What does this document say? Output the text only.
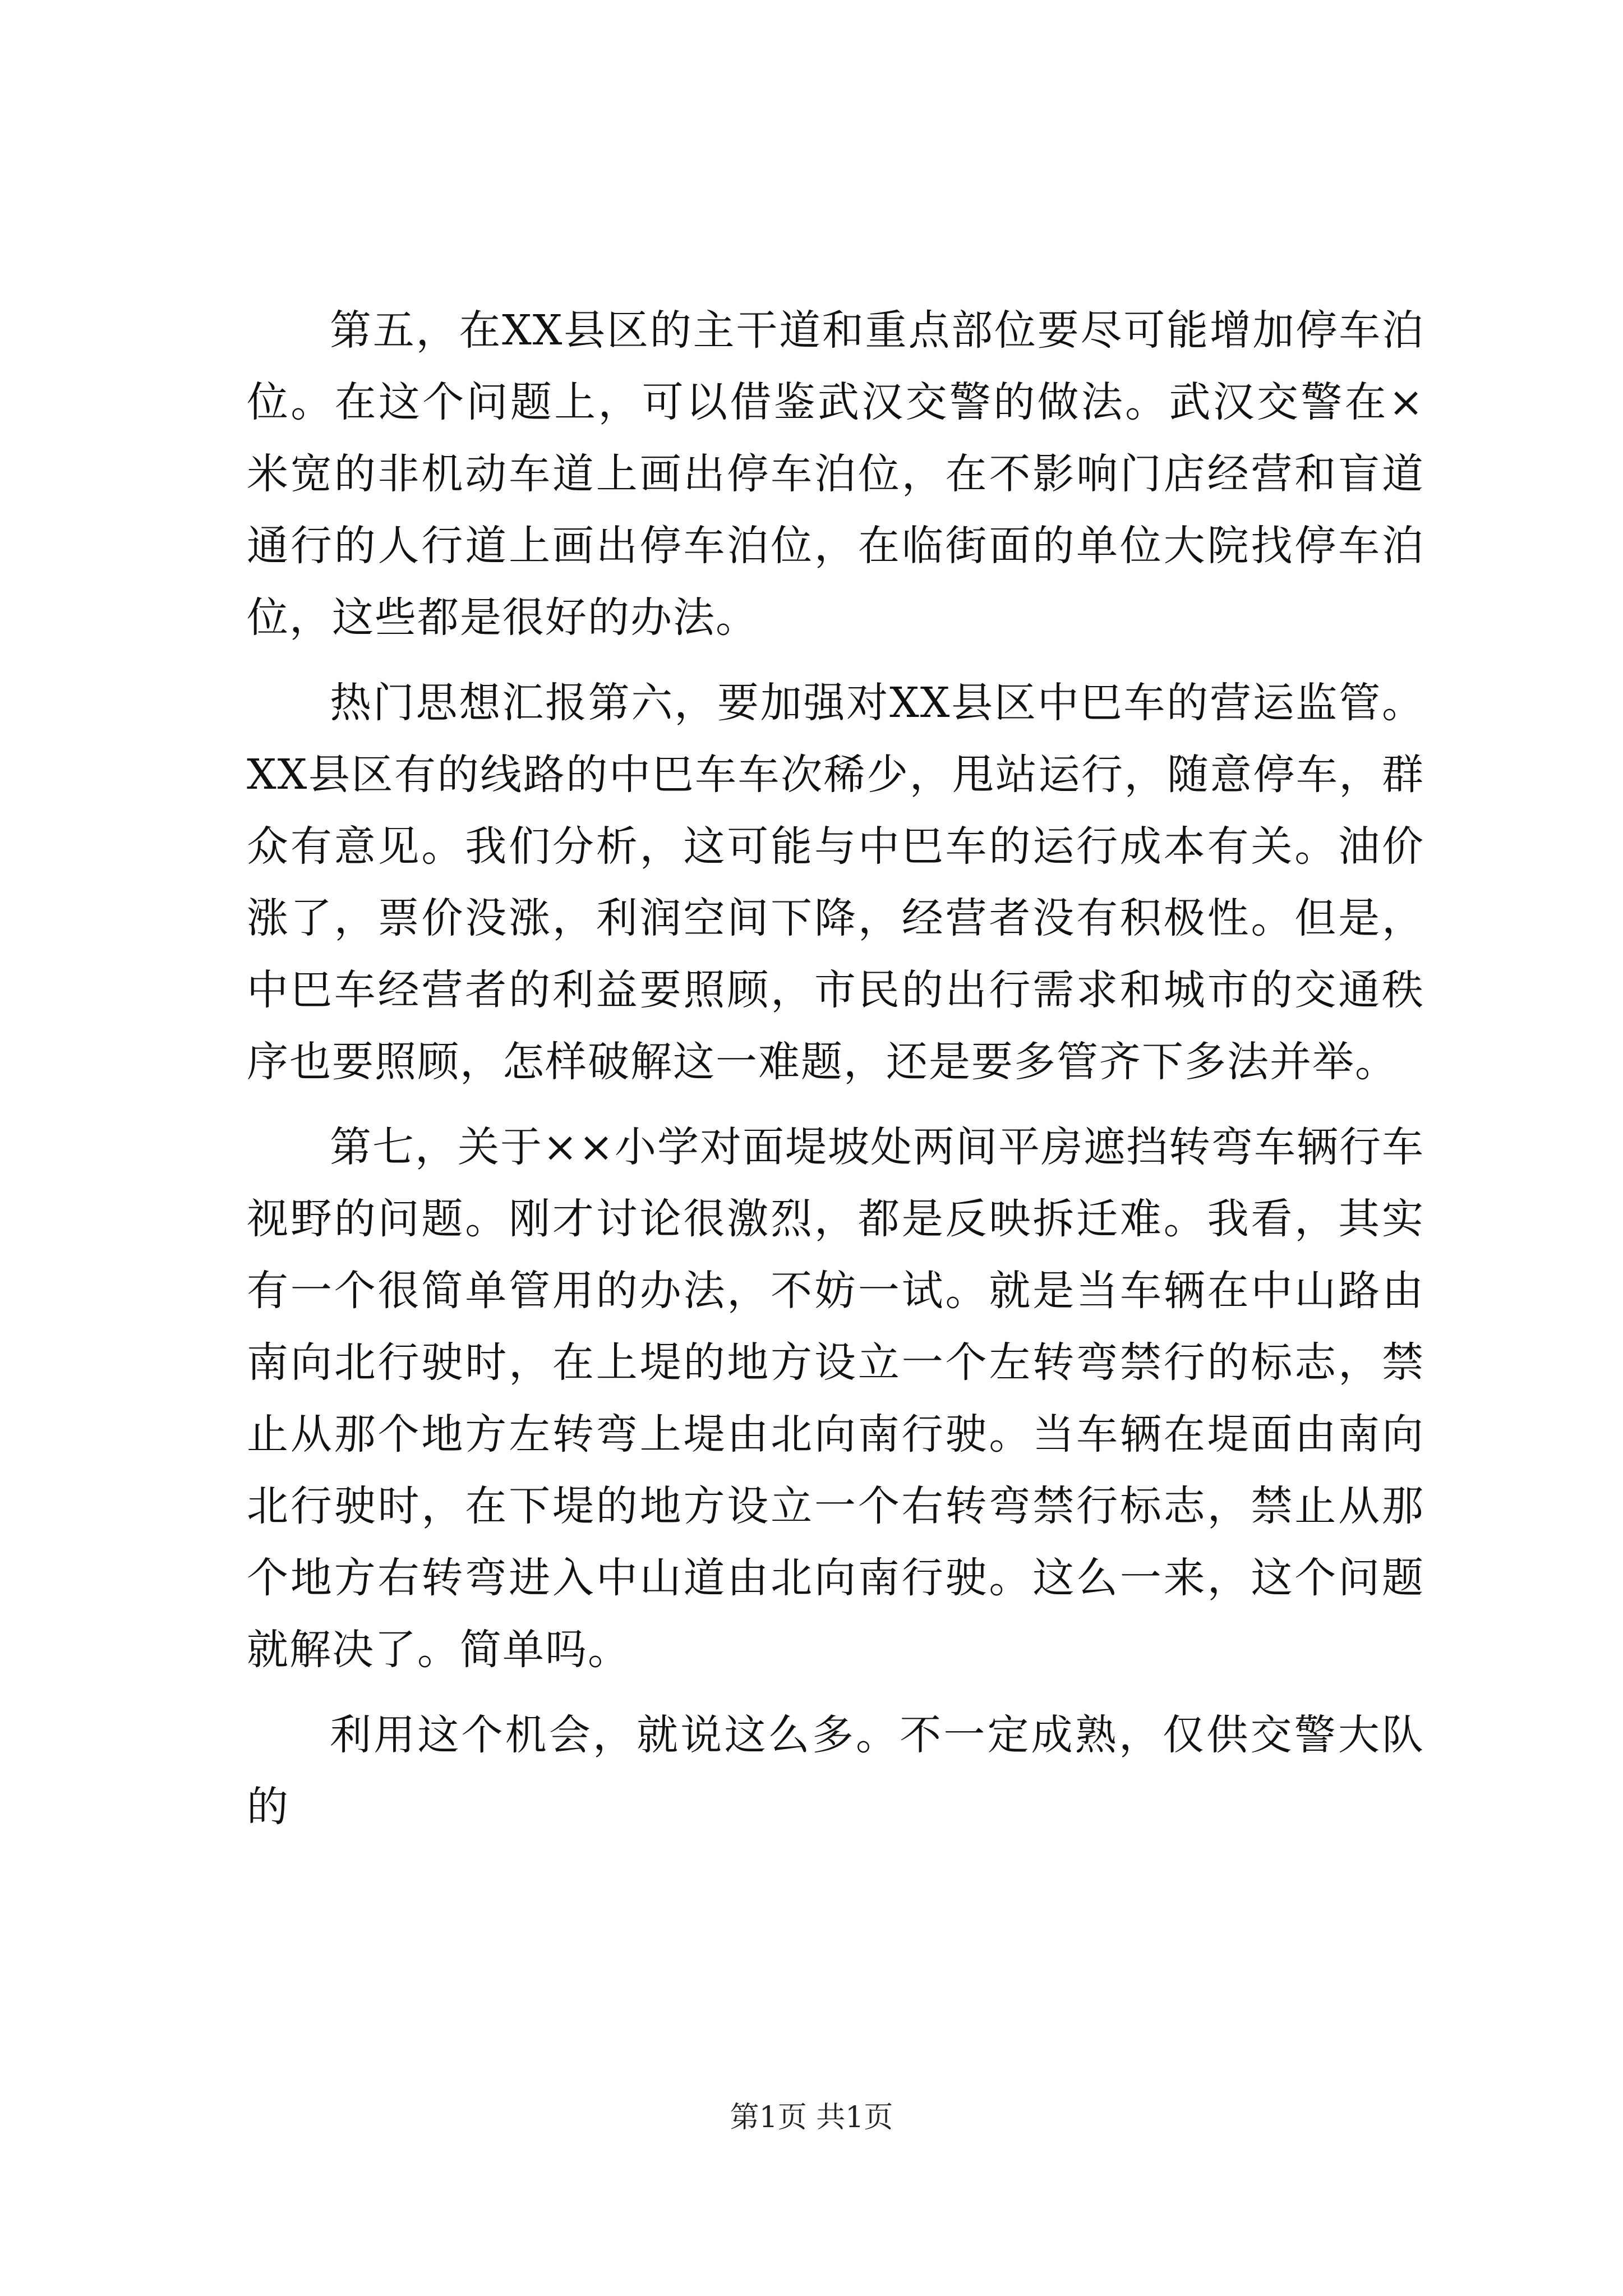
第五，在XX县区的主干道和重点部位要尽可能增加停车泊位。在这个问题上，可以借鉴武汉交警的做法。武汉交警在×米宽的非机动车道上画出停车泊位，在不影响门店经营和盲道通行的人行道上画出停车泊位，在临街面的单位大院找停车泊位，这些都是很好的办法。

热门思想汇报第六，要加强对XX县区中巴车的营运监管。XX县区有的线路的中巴车车次稀少，甩站运行，随意停车，群众有意见。我们分析，这可能与中巴车的运行成本有关。油价涨了，票价没涨，利润空间下降，经营者没有积极性。但是，中巴车经营者的利益要照顾，市民的出行需求和城市的交通秩序也要照顾，怎样破解这一难题，还是要多管齐下多法并举。

第七，关于××小学对面堤坡处两间平房遮挡转弯车辆行车视野的问题。刚才讨论很激烈，都是反映拆迁难。我看，其实有一个很简单管用的办法，不妨一试。就是当车辆在中山路由南向北行驶时，在上堤的地方设立一个左转弯禁行的标志，禁止从那个地方左转弯上堤由北向南行驶。当车辆在堤面由南向北行驶时，在下堤的地方设立一个右转弯禁行标志，禁止从那个地方右转弯进入中山道由北向南行驶。这么一来，这个问题就解决了。简单吗。

利用这个机会，就说这么多。不一定成熟，仅供交警大队的

第1页 共1页
